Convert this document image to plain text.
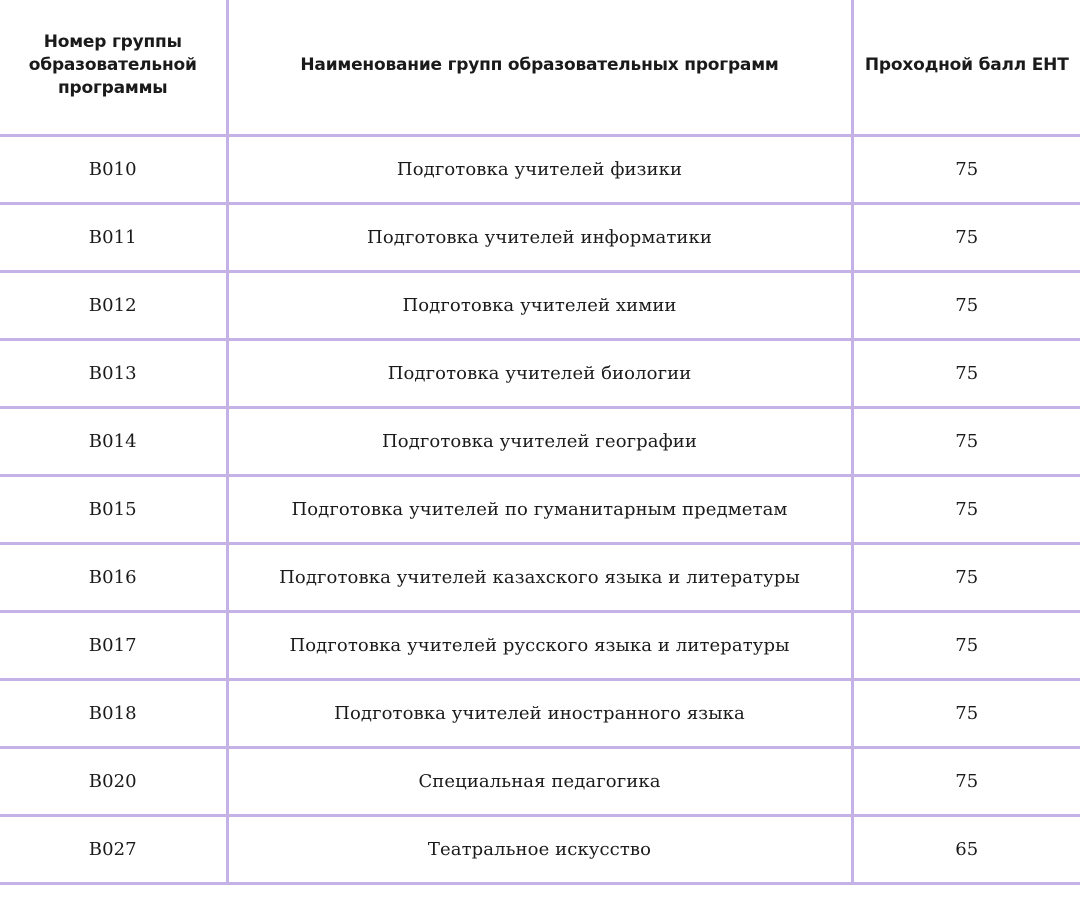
Номер группы образовательной программы	Наименование групп образовательных программ	Проходной балл ЕНТ
В010	Подготовка учителей физики	75
В011	Подготовка учителей информатики	75
В012	Подготовка учителей химии	75
В013	Подготовка учителей биологии	75
В014	Подготовка учителей географии	75
В015	Подготовка учителей по гуманитарным предметам	75
В016	Подготовка учителей казахского языка и литературы	75
В017	Подготовка учителей русского языка и литературы	75
В018	Подготовка учителей иностранного языка	75
В020	Специальная педагогика	75
В027	Театральное искусство	65
